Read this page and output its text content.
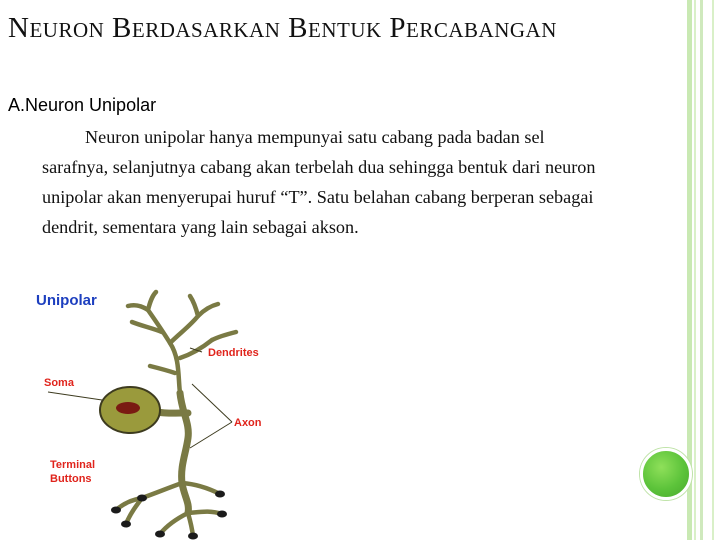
NEURON BERDASARKAN BENTUK PERCABANGAN
A.Neuron Unipolar

Neuron unipolar hanya mempunyai satu cabang pada badan sel sarafnya, selanjutnya cabang akan terbelah dua sehingga bentuk dari neuron unipolar akan menyerupai huruf “T”. Satu belahan cabang berperan sebagai dendrit, sementara yang lain sebagai akson.

Unipolar
Dendrites
Soma
Axon
Terminal
Buttons
